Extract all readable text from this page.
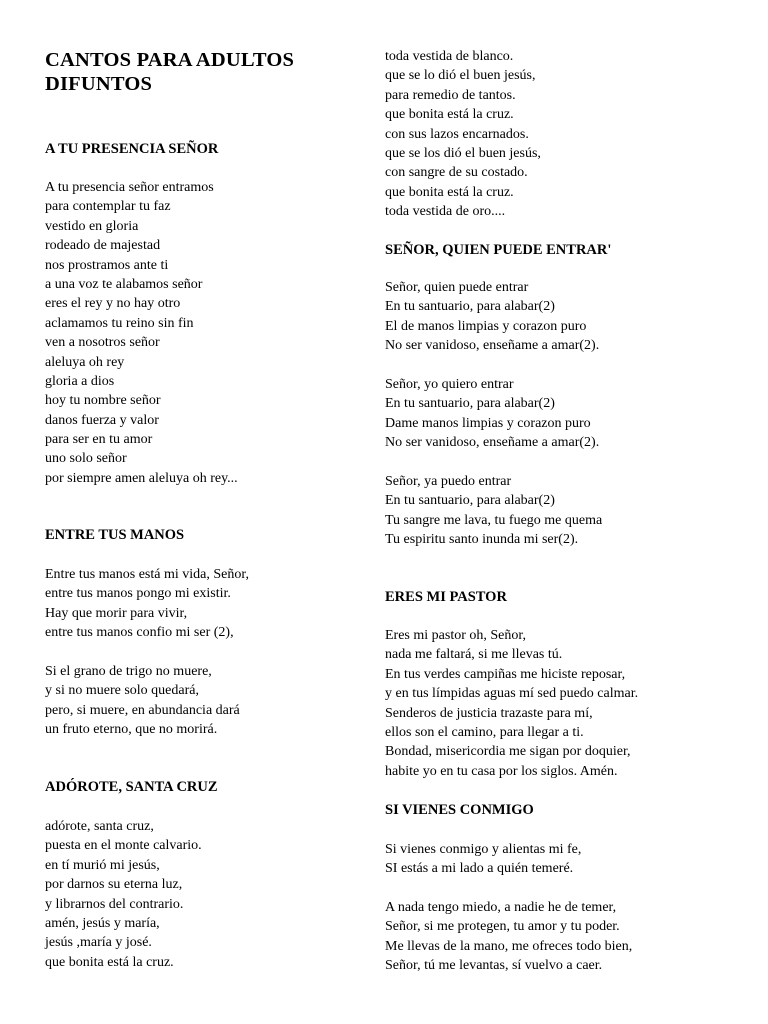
CANTOS PARA ADULTOS
DIFUNTOS
A TU PRESENCIA SEÑOR
A tu presencia señor entramos
para contemplar tu faz
vestido en gloria
rodeado de majestad
nos prostramos ante ti
a una voz te alabamos señor
eres el rey y no hay otro
aclamamos tu reino sin fin
ven a nosotros señor
aleluya oh rey
gloria a dios
hoy tu nombre señor
danos fuerza y valor
para ser en tu amor
uno solo señor
por siempre amen aleluya oh rey...
ENTRE TUS MANOS
Entre tus manos está mi vida, Señor,
entre tus manos pongo mi existir.
Hay que morir para vivir,
entre tus manos confio mi ser (2),
Si el grano de trigo no muere,
y si no muere solo quedará,
pero, si muere, en abundancia dará
un fruto eterno, que no morirá.
ADÓROTE, SANTA CRUZ
adórote, santa cruz,
puesta en el monte calvario.
en tí murió mi jesús,
por darnos su eterna luz,
y librarnos del contrario.
amén, jesús y maría,
jesús ,maría y josé.
que bonita está la cruz.
toda vestida de blanco.
que se lo dió el buen jesús,
para remedio de tantos.
que bonita está la cruz.
con sus lazos encarnados.
que se los dió el buen jesús,
con sangre de su costado.
que bonita está la cruz.
toda vestida de oro....
SEÑOR, QUIEN PUEDE ENTRAR'
Señor, quien puede entrar
En tu santuario, para alabar(2)
El de manos limpias y corazon puro
No ser vanidoso, enseñame a amar(2).
Señor, yo quiero entrar
En tu santuario, para alabar(2)
Dame manos limpias y corazon puro
No ser vanidoso, enseñame a amar(2).
Señor, ya puedo entrar
En tu santuario, para alabar(2)
Tu sangre me lava, tu fuego me quema
Tu espiritu santo inunda mi ser(2).
ERES MI PASTOR
Eres mi pastor oh, Señor,
nada me faltará, si me llevas tú.
En tus verdes campiñas me hiciste reposar,
y en tus límpidas aguas mí sed puedo calmar.
Senderos de justicia trazaste para mí,
ellos son el camino, para llegar a ti.
Bondad, misericordia me sigan por doquier,
habite yo en tu casa por los siglos. Amén.
SI VIENES CONMIGO
Si vienes conmigo y alientas mi fe,
SI estás a mi lado a quién temeré.
A nada tengo miedo, a nadie he de temer,
Señor, si me protegen, tu amor y tu poder.
Me llevas de la mano, me ofreces todo bien,
Señor, tú me levantas, sí vuelvo a caer.
